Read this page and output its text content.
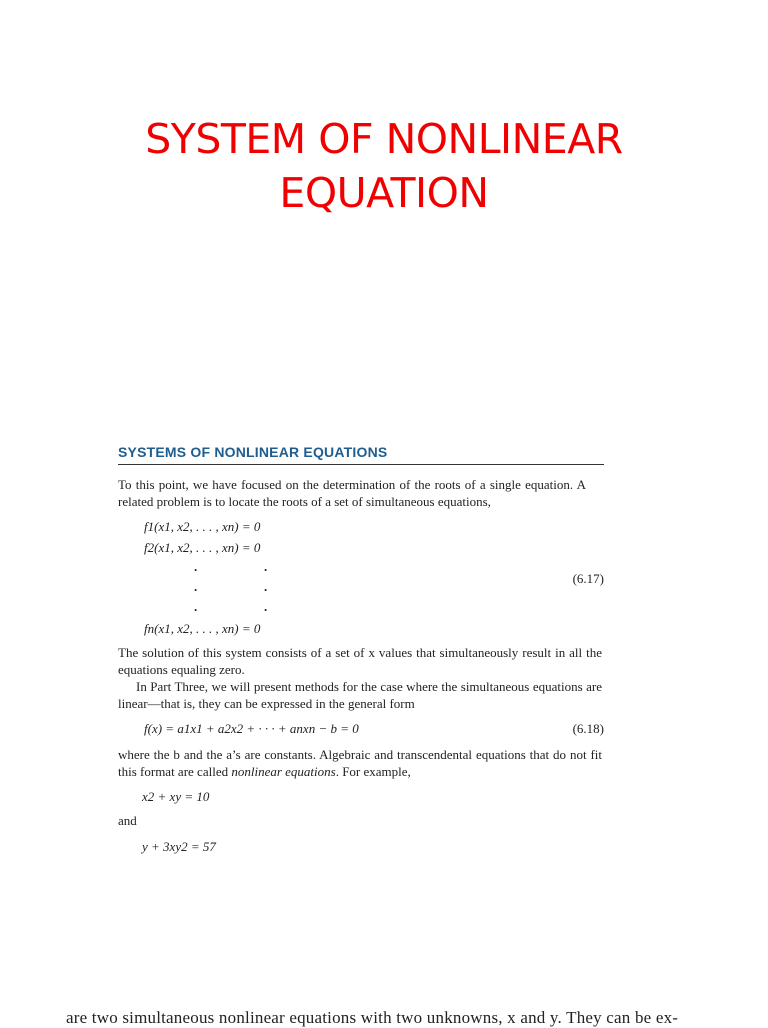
SYSTEM OF NONLINEAR
EQUATION
SYSTEMS OF NONLINEAR EQUATIONS

To this point, we have focused on the determination of the roots of a single equation. A related problem is to locate the roots of a set of simultaneous equations,

f1(x1, x2, . . . , xn) = 0
f2(x1, x2, . . . , xn) = 0
.	.
.	.
.	.
(6.17)
fn(x1, x2, . . . , xn) = 0

The solution of this system consists of a set of x values that simultaneously result in all the equations equaling zero.

In Part Three, we will present methods for the case where the simultaneous equations are linear—that is, they can be expressed in the general form

f(x) = a1x1 + a2x2 + · · · + anxn − b = 0	(6.18)

where the b and the a’s are constants. Algebraic and transcendental equations that do not fit this format are called nonlinear equations. For example,

x2 + xy = 10
and
y + 3xy2 = 57
are two simultaneous nonlinear equations with two unknowns, x and y. They can be ex-
